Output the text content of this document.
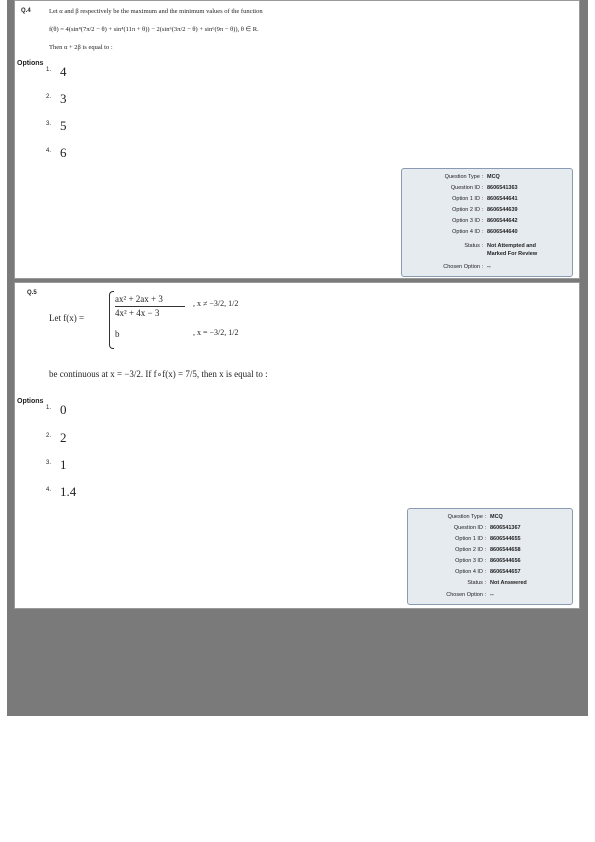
Q.4	Let α and β respectively be the maximum and the minimum values of the function
f(θ) = 4(sin⁴(7π/2 − θ) + sin⁴(11π + θ)) − 2(sin⁶(3π/2 − θ) + sin⁶(9π − θ)), θ ∈ R.
Then α + 2β is equal to :
Options
1. 4
2. 3
3. 5
4. 6
Question Type : MCQ
Question ID : 8606541363
Option 1 ID : 8606544641
Option 2 ID : 8606544639
Option 3 ID : 8606544642
Option 4 ID : 8606544640
Status : Not Attempted and
Marked For Review
Chosen Option : --
Q.5
Let f(x) =
ax² + 2ax + 3
4x² + 4x − 3
, x ≠ −3/2, 1/2
b	, x = −3/2, 1/2
be continuous at x = −3/2. If f∘f(x) = 7/5, then x is equal to :
Options
1. 0
2. 2
3. 1
4. 1.4
Question Type : MCQ
Question ID : 8606541367
Option 1 ID : 8606544655
Option 2 ID : 8606544658
Option 3 ID : 8606544656
Option 4 ID : 8606544657
Status : Not Answered
Chosen Option : --
